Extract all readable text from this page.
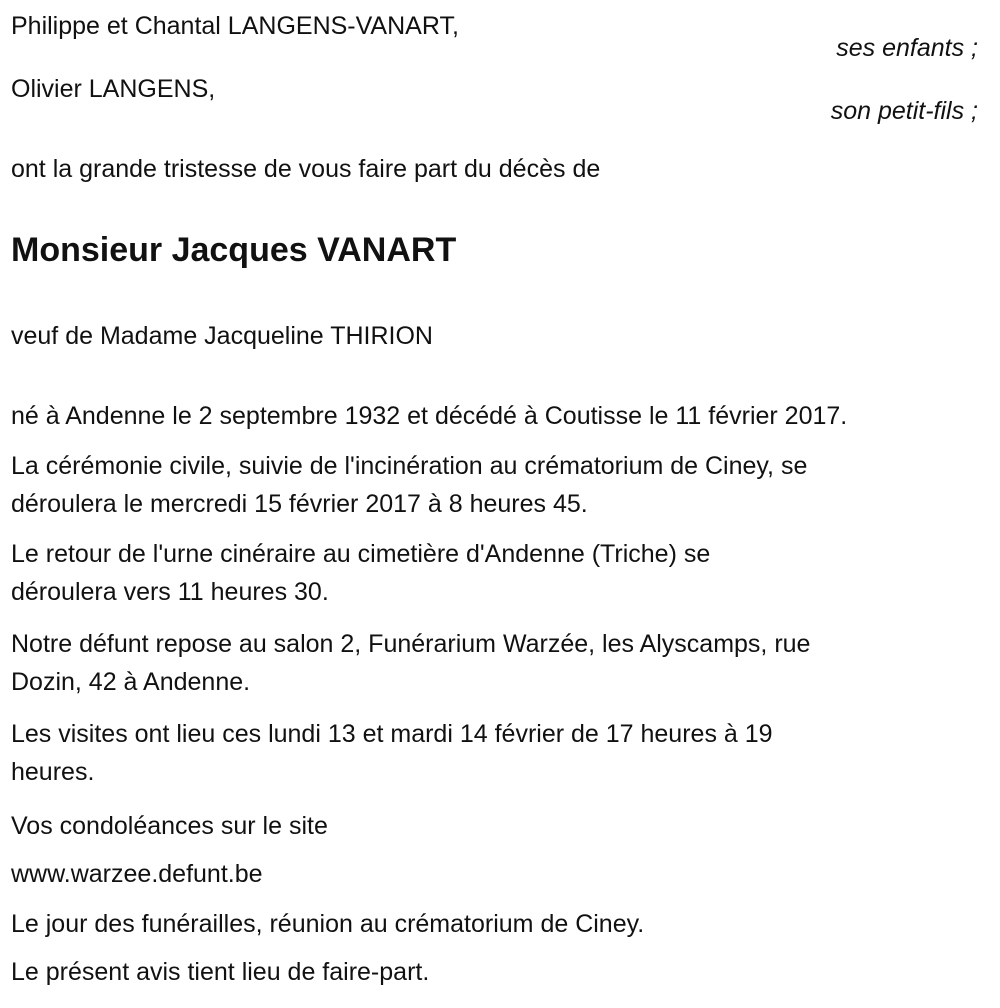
Philippe et Chantal LANGENS-VANART,
ses enfants ;
Olivier LANGENS,
son petit-fils ;
ont la grande tristesse de vous faire part du décès de
Monsieur Jacques VANART
veuf de Madame Jacqueline THIRION
né à Andenne le 2 septembre 1932 et décédé à Coutisse le 11 février 2017.
La cérémonie civile, suivie de l'incinération au crématorium de Ciney, se
déroulera le mercredi 15 février 2017 à 8 heures 45.
Le retour de l'urne cinéraire au cimetière d'Andenne (Triche) se
déroulera vers 11 heures 30.
Notre défunt repose au salon 2, Funérarium Warzée, les Alyscamps, rue
Dozin, 42 à Andenne.
Les visites ont lieu ces lundi 13 et mardi 14 février de 17 heures à 19
heures.
Vos condoléances sur le site
www.warzee.defunt.be
Le jour des funérailles, réunion au crématorium de Ciney.
Le présent avis tient lieu de faire-part.
